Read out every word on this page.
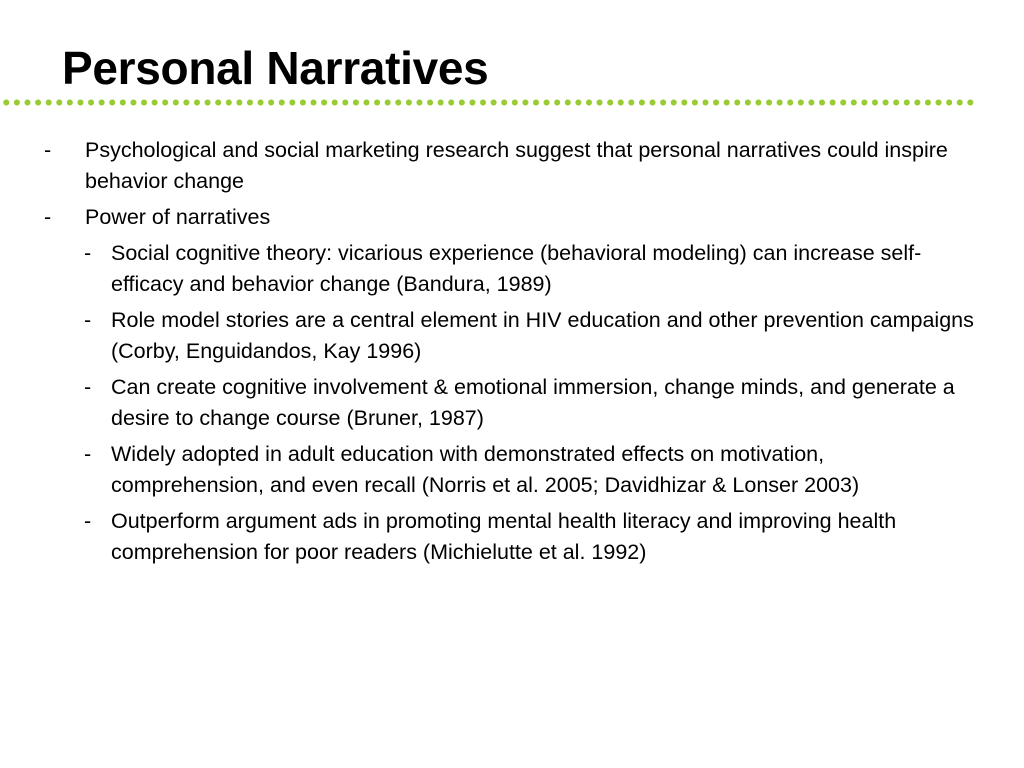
Personal Narratives
-	Psychological and social marketing research suggest that personal narratives could inspire behavior change
-	Power of narratives
- Social cognitive theory: vicarious experience (behavioral modeling) can increase self-efficacy and behavior change (Bandura, 1989)
- Role model stories are a central element in HIV education and other prevention campaigns (Corby, Enguidandos, Kay 1996)
- Can create cognitive involvement & emotional immersion, change minds, and generate a desire to change course (Bruner, 1987)
- Widely adopted in adult education with demonstrated effects on motivation, comprehension, and even recall (Norris et al. 2005; Davidhizar & Lonser 2003)
- Outperform argument ads in promoting mental health literacy and improving health comprehension for poor readers (Michielutte et al. 1992)
